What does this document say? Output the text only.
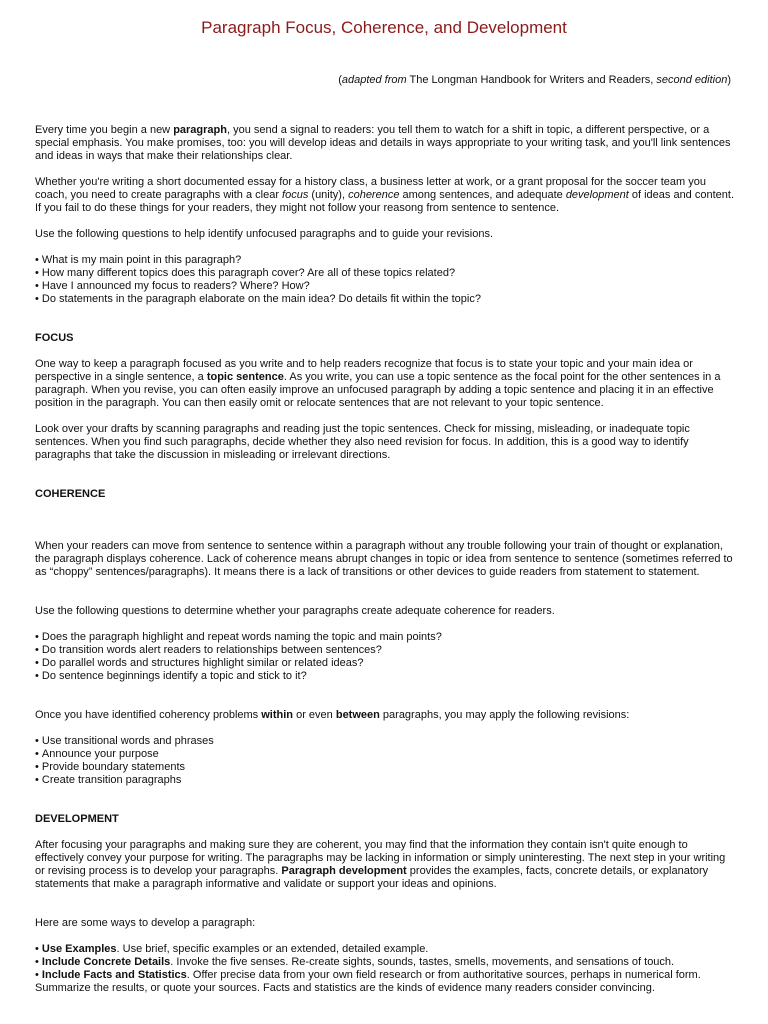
Paragraph Focus, Coherence, and Development

(adapted from The Longman Handbook for Writers and Readers, second edition)

Every time you begin a new paragraph, you send a signal to readers: you tell them to watch for a shift in topic, a different perspective, or a special emphasis. You make promises, too: you will develop ideas and details in ways appropriate to your writing task, and you'll link sentences and ideas in ways that make their relationships clear.

Whether you're writing a short documented essay for a history class, a business letter at work, or a grant proposal for the soccer team you coach, you need to create paragraphs with a clear focus (unity), coherence among sentences, and adequate development of ideas and content. If you fail to do these things for your readers, they might not follow your reasong from sentence to sentence.

Use the following questions to help identify unfocused paragraphs and to guide your revisions.

• What is my main point in this paragraph?
• How many different topics does this paragraph cover? Are all of these topics related?
• Have I announced my focus to readers? Where? How?
• Do statements in the paragraph elaborate on the main idea? Do details fit within the topic?

FOCUS

One way to keep a paragraph focused as you write and to help readers recognize that focus is to state your topic and your main idea or perspective in a single sentence, a topic sentence. As you write, you can use a topic sentence as the focal point for the other sentences in a paragraph. When you revise, you can often easily improve an unfocused paragraph by adding a topic sentence and placing it in an effective position in the paragraph. You can then easily omit or relocate sentences that are not relevant to your topic sentence.

Look over your drafts by scanning paragraphs and reading just the topic sentences. Check for missing, misleading, or inadequate topic sentences. When you find such paragraphs, decide whether they also need revision for focus. In addition, this is a good way to identify paragraphs that take the discussion in misleading or irrelevant directions.

COHERENCE

When your readers can move from sentence to sentence within a paragraph without any trouble following your train of thought or explanation, the paragraph displays coherence. Lack of coherence means abrupt changes in topic or idea from sentence to sentence (sometimes referred to as “choppy” sentences/paragraphs). It means there is a lack of transitions or other devices to guide readers from statement to statement.

Use the following questions to determine whether your paragraphs create adequate coherence for readers.

• Does the paragraph highlight and repeat words naming the topic and main points?
• Do transition words alert readers to relationships between sentences?
• Do parallel words and structures highlight similar or related ideas?
• Do sentence beginnings identify a topic and stick to it?

Once you have identified coherency problems within or even between paragraphs, you may apply the following revisions:

• Use transitional words and phrases
• Announce your purpose
• Provide boundary statements
• Create transition paragraphs

DEVELOPMENT

After focusing your paragraphs and making sure they are coherent, you may find that the information they contain isn't quite enough to effectively convey your purpose for writing. The paragraphs may be lacking in information or simply uninteresting. The next step in your writing or revising process is to develop your paragraphs. Paragraph development provides the examples, facts, concrete details, or explanatory statements that make a paragraph informative and validate or support your ideas and opinions.

Here are some ways to develop a paragraph:

• Use Examples. Use brief, specific examples or an extended, detailed example.
• Include Concrete Details. Invoke the five senses. Re-create sights, sounds, tastes, smells, movements, and sensations of touch.
• Include Facts and Statistics. Offer precise data from your own field research or from authoritative sources, perhaps in numerical form. Summarize the results, or quote your sources. Facts and statistics are the kinds of evidence many readers consider convincing.
